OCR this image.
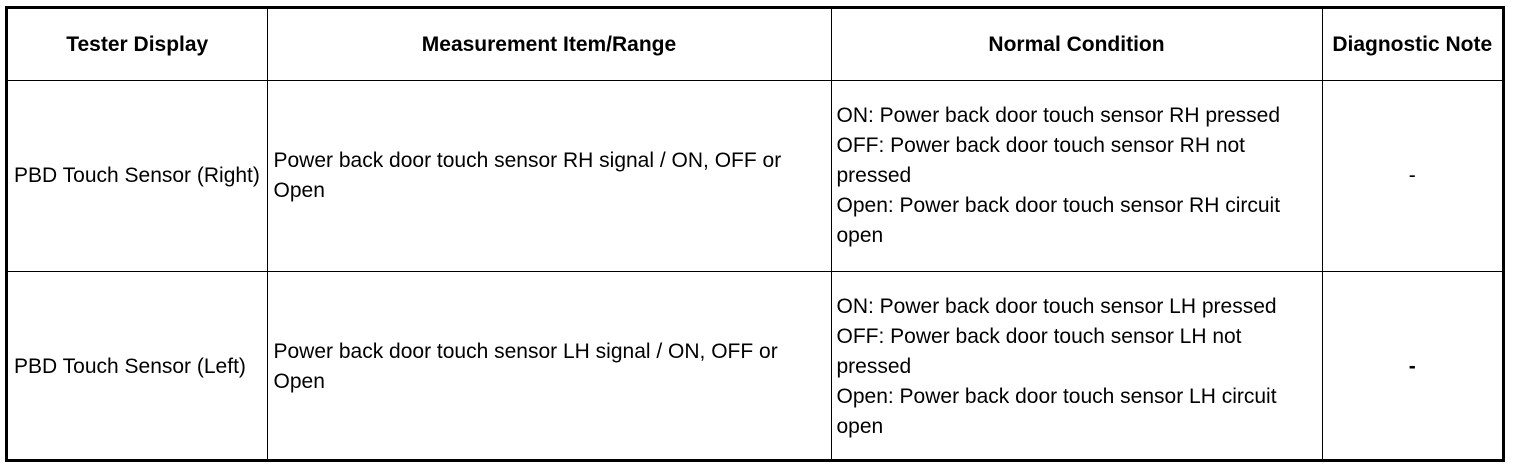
Tester Display	Measurement Item/Range	Normal Condition	Diagnostic Note
PBD Touch Sensor (Right)	Power back door touch sensor RH signal / ON, OFF or Open	ON: Power back door touch sensor RH pressed
OFF: Power back door touch sensor RH not pressed
Open: Power back door touch sensor RH circuit open	-
PBD Touch Sensor (Left)	Power back door touch sensor LH signal / ON, OFF or Open	ON: Power back door touch sensor LH pressed
OFF: Power back door touch sensor LH not pressed
Open: Power back door touch sensor LH circuit open	-
